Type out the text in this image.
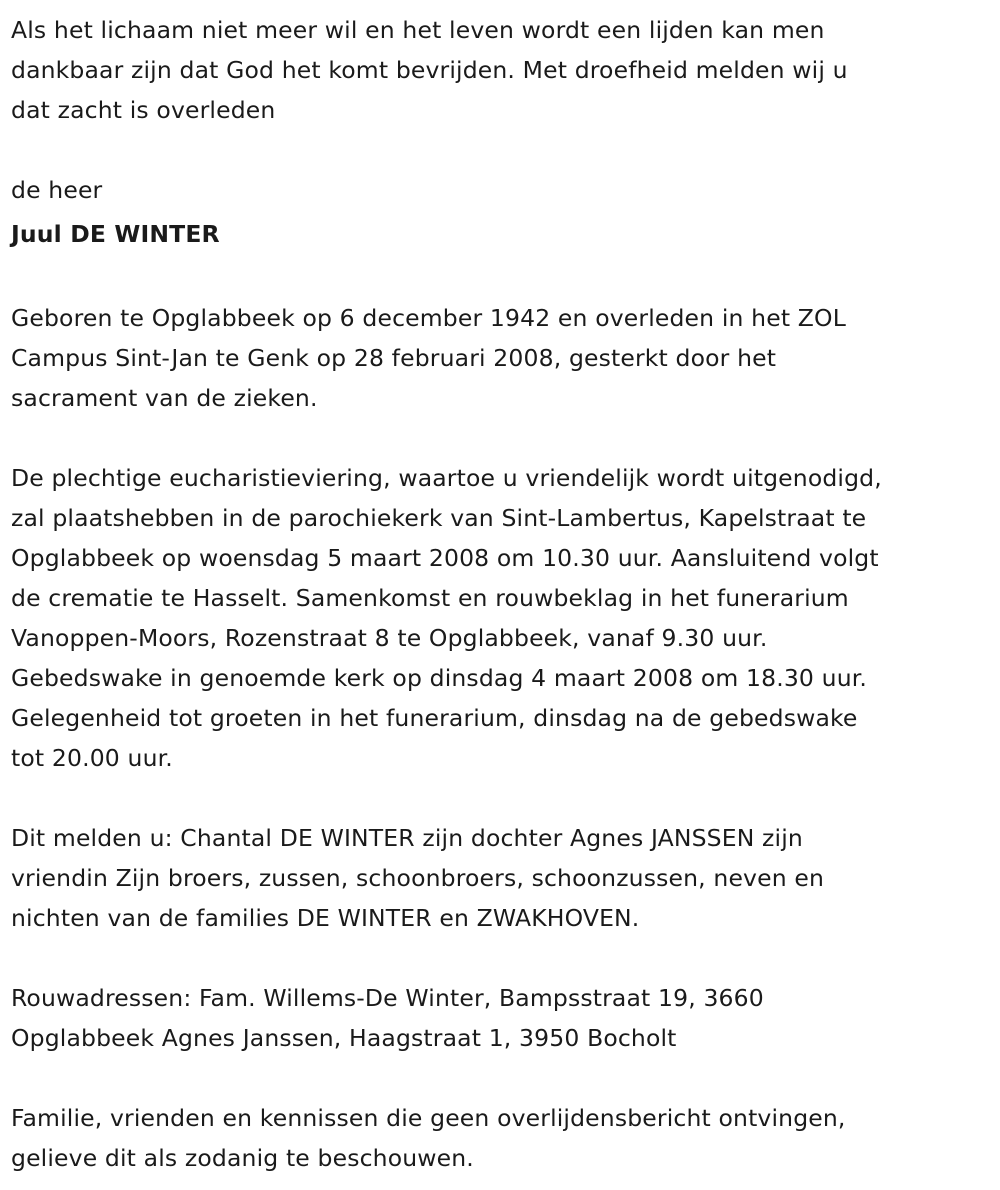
Als het lichaam niet meer wil en het leven wordt een lijden kan men
dankbaar zijn dat God het komt bevrijden. Met droefheid melden wij u
dat zacht is overleden
de heer
Juul DE WINTER
Geboren te Opglabbeek op 6 december 1942 en overleden in het ZOL
Campus Sint-Jan te Genk op 28 februari 2008, gesterkt door het
sacrament van de zieken.
De plechtige eucharistieviering, waartoe u vriendelijk wordt uitgenodigd,
zal plaatshebben in de parochiekerk van Sint-Lambertus, Kapelstraat te
Opglabbeek op woensdag 5 maart 2008 om 10.30 uur. Aansluitend volgt
de crematie te Hasselt. Samenkomst en rouwbeklag in het funerarium
Vanoppen-Moors, Rozenstraat 8 te Opglabbeek, vanaf 9.30 uur.
Gebedswake in genoemde kerk op dinsdag 4 maart 2008 om 18.30 uur.
Gelegenheid tot groeten in het funerarium, dinsdag na de gebedswake
tot 20.00 uur.
Dit melden u: Chantal DE WINTER zijn dochter Agnes JANSSEN zijn
vriendin Zijn broers, zussen, schoonbroers, schoonzussen, neven en
nichten van de families DE WINTER en ZWAKHOVEN.
Rouwadressen: Fam. Willems-De Winter, Bampsstraat 19, 3660
Opglabbeek Agnes Janssen, Haagstraat 1, 3950 Bocholt
Familie, vrienden en kennissen die geen overlijdensbericht ontvingen,
gelieve dit als zodanig te beschouwen.
